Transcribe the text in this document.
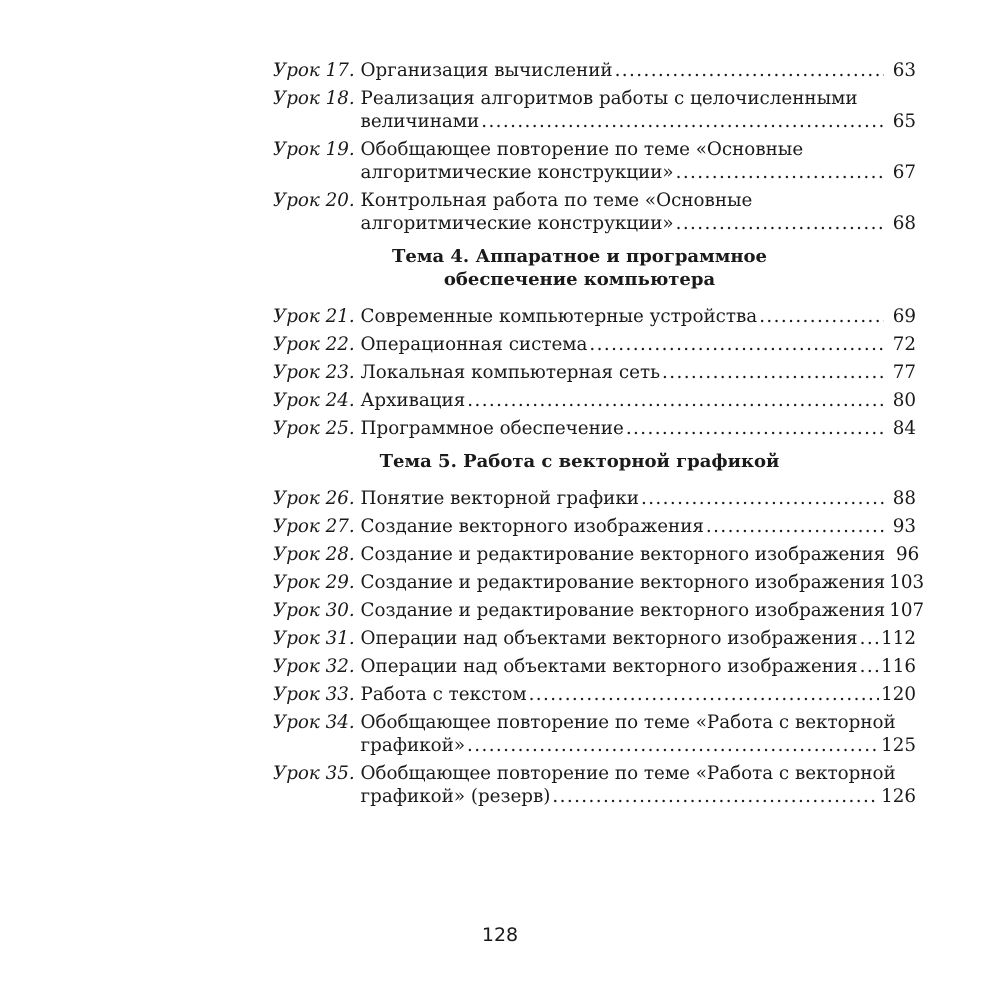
Урок 17.
Организация вычислений . . .	63
Урок 18.
Реализация алгоритмов работы с целочисленными
величинами . . .	65
Урок 19.
Обобщающее повторение по теме «Основные
алгоритмические конструкции» . . .	67
Урок 20.
Контрольная работа по теме «Основные
алгоритмические конструкции» . . .	68
Тема 4. Аппаратное и программное
обеспечение компьютера
Урок 21.
Современные компьютерные устройства . . .	69
Урок 22.
Операционная система . . .	72
Урок 23.
Локальная компьютерная сеть . . .	77
Урок 24.
Архивация . . .	80
Урок 25.
Программное обеспечение . . .	84
Тема 5. Работа с векторной графикой
Урок 26.
Понятие векторной графики . . .	88
Урок 27.
Создание векторного изображения . . .	93
Урок 28.
Создание и редактирование векторного изображения 96
Урок 29.
Создание и редактирование векторного изображения 103
Урок 30.
Создание и редактирование векторного изображения 107
Урок 31.
Операции над объектами векторного изображения . . . 112
Урок 32.
Операции над объектами векторного изображения . . . 116
Урок 33.
Работа с текстом . . .	120
Урок 34.
Обобщающее повторение по теме «Работа с векторной
графикой» . . .	125
Урок 35.
Обобщающее повторение по теме «Работа с векторной
графикой» (резерв) . . .	126
128
